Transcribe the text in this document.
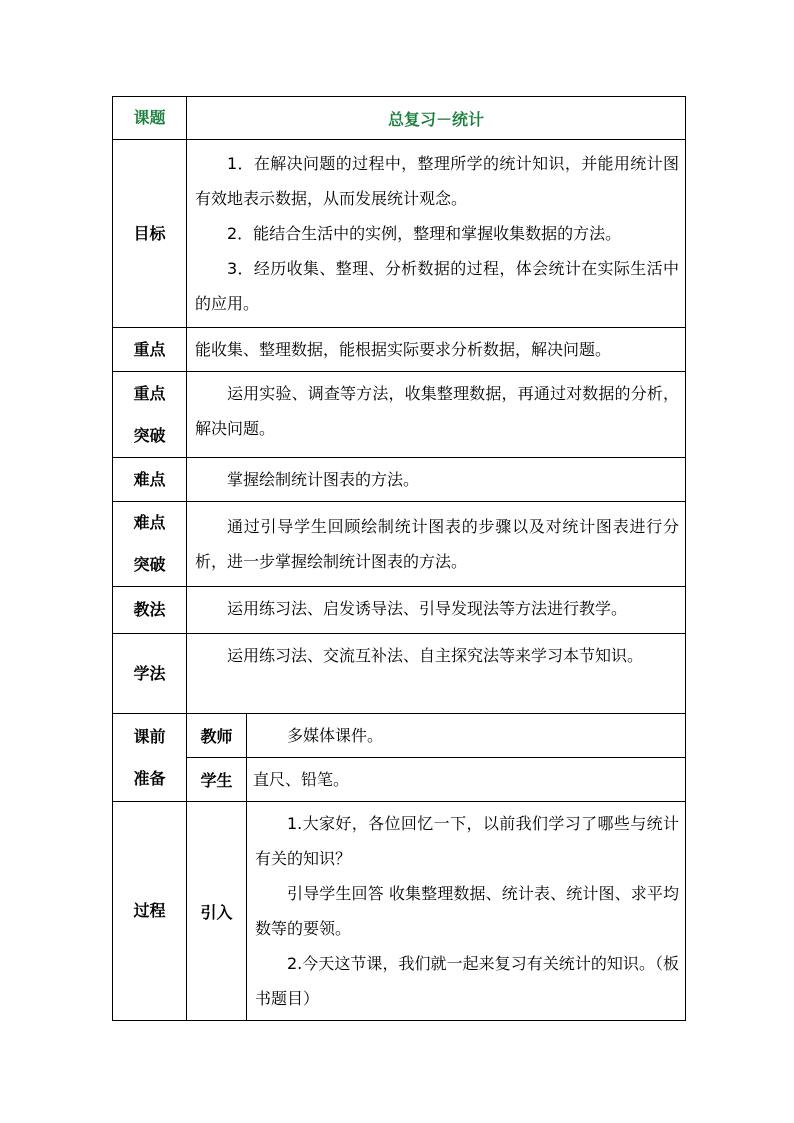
课题	总复习－统计	
目标	1．在解决问题的过程中，整理所学的统计知识，并能用统计图有效地表示数据，从而发展统计观念。

2．能结合生活中的实例，整理和掌握收集数据的方法。

3．经历收集、整理、分析数据的过程，体会统计在实际生活中的应用。	

重点	能收集、整理数据，能根据实际要求分析数据，解决问题。	

重点
突破	运用实验、调查等方法，收集整理数据，再通过对数据的分析，解决问题。	

难点	掌握绘制统计图表的方法。	

难点
突破	通过引导学生回顾绘制统计图表的步骤以及对统计图表进行分析，进一步掌握绘制统计图表的方法。	

教法	运用练习法、启发诱导法、引导发现法等方法进行教学。	

学法	运用练习法、交流互补法、自主探究法等来学习本节知识。	

课前
准备	教师	多媒体课件。

	学生	直尺、铅笔。

过程	引入	1.大家好，各位回忆一下，以前我们学习了哪些与统计有关的知识？

引导学生回答 收集整理数据、统计表、统计图、求平均数等的要领。

2.今天这节课，我们就一起来复习有关统计的知识。（板书题目）
